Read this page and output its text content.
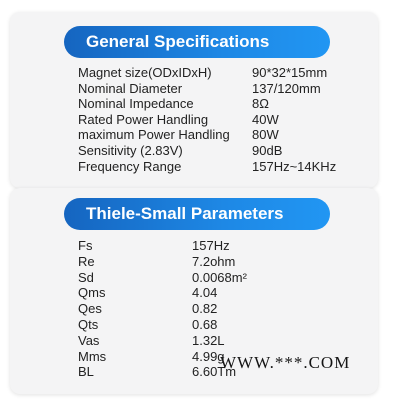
General Specifications
Magnet size(ODxIDxH)	90*32*15mm
Nominal Diameter	137/120mm
Nominal Impedance	8Ω
Rated Power Handling	40W
maximum Power Handling 80W
Sensitivity (2.83V)	90dB
Frequency Range	157Hz~14KHz
Thiele-Small Parameters
Fs	157Hz
Re	7.2ohm
Sd	0.0068m²
Qms	4.04
Qes	0.82
Qts	0.68
Vas	1.32L
Mms	4.99g
BL	6.60Tm
WWW.***.COM
